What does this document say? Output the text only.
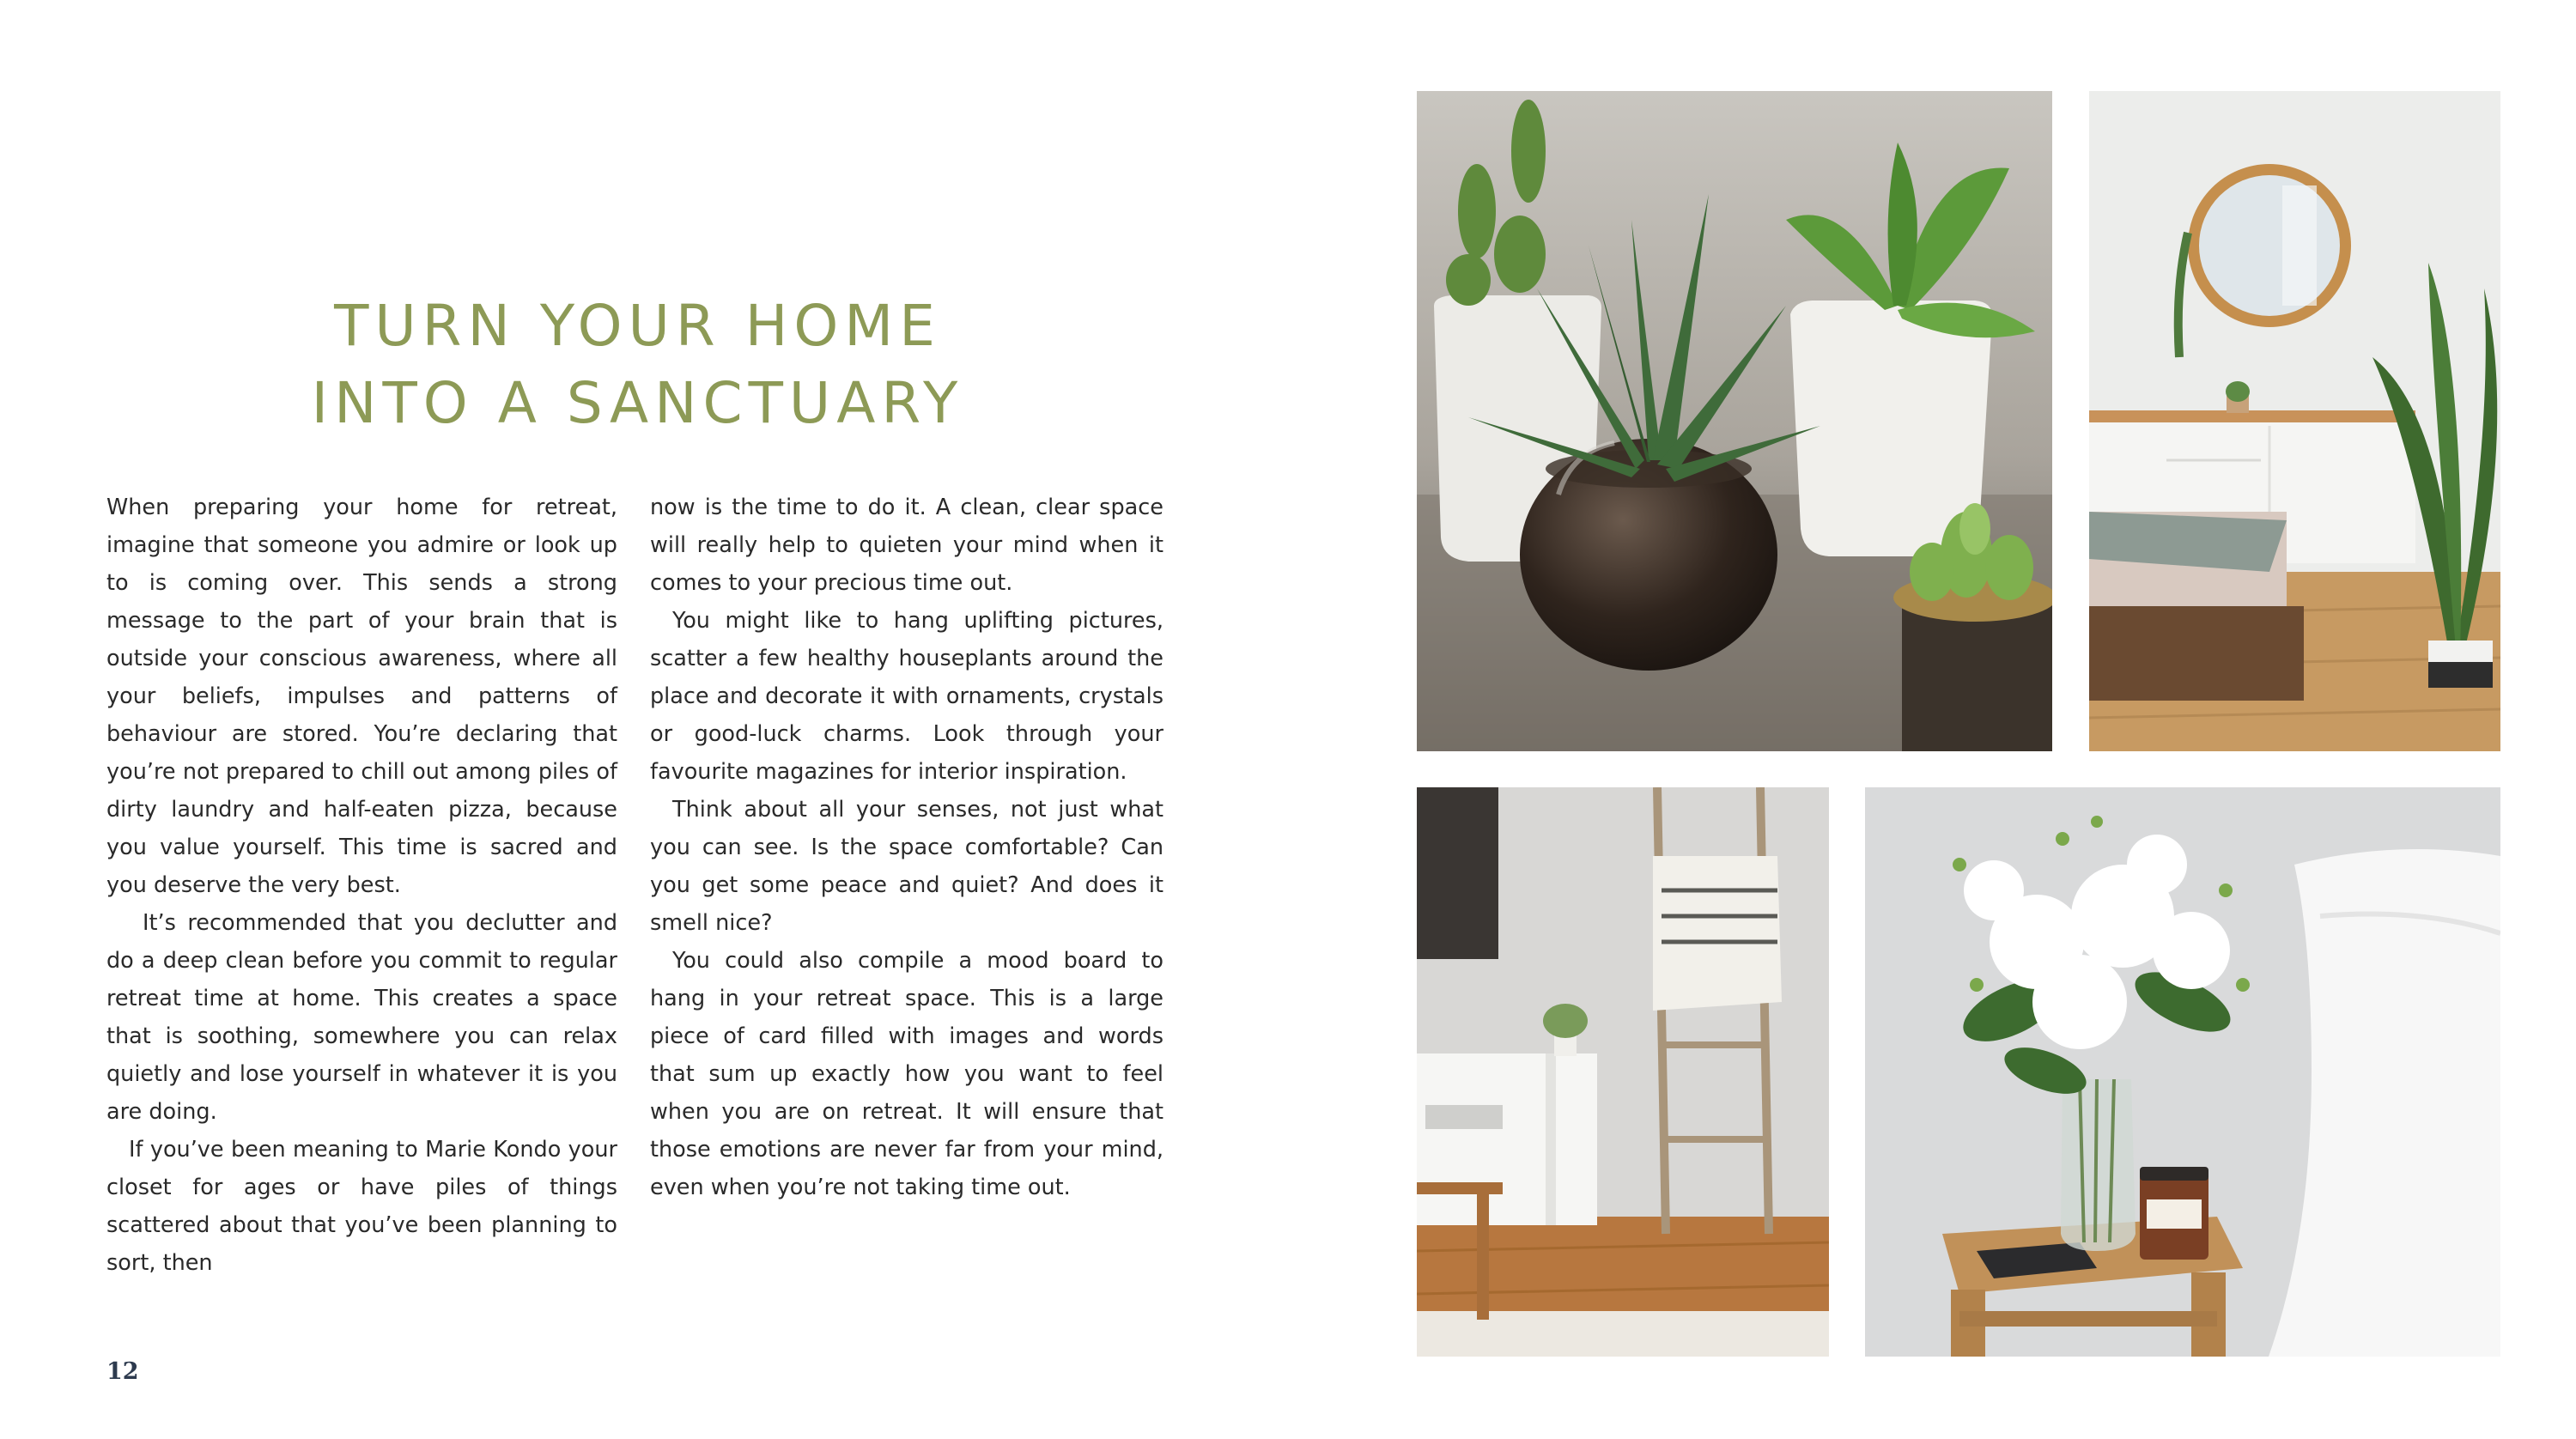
TURN YOUR HOME
INTO A SANCTUARY

When preparing your home for retreat, imagine that someone you admire or look up to is coming over. This sends a strong message to the part of your brain that is outside your conscious awareness, where all your beliefs, impulses and patterns of behaviour are stored. You’re declaring that you’re not prepared to chill out among piles of dirty laundry and half-eaten pizza, because you value yourself. This time is sacred and you deserve the very best.

It’s recommended that you declutter and do a deep clean before you commit to regular retreat time at home. This creates a space that is soothing, somewhere you can relax quietly and lose yourself in whatever it is you are doing.

If you’ve been meaning to Marie Kondo your closet for ages or have piles of things scattered about that you’ve been planning to sort, then

now is the time to do it. A clean, clear space will really help to quieten your mind when it comes to your precious time out.

You might like to hang uplifting pictures, scatter a few healthy houseplants around the place and decorate it with ornaments, crystals or good-luck charms. Look through your favourite magazines for interior inspiration.

Think about all your senses, not just what you can see. Is the space comfortable? Can you get some peace and quiet? And does it smell nice?

You could also compile a mood board to hang in your retreat space. This is a large piece of card filled with images and words that sum up exactly how you want to feel when you are on retreat. It will ensure that those emotions are never far from your mind, even when you’re not taking time out.

12
